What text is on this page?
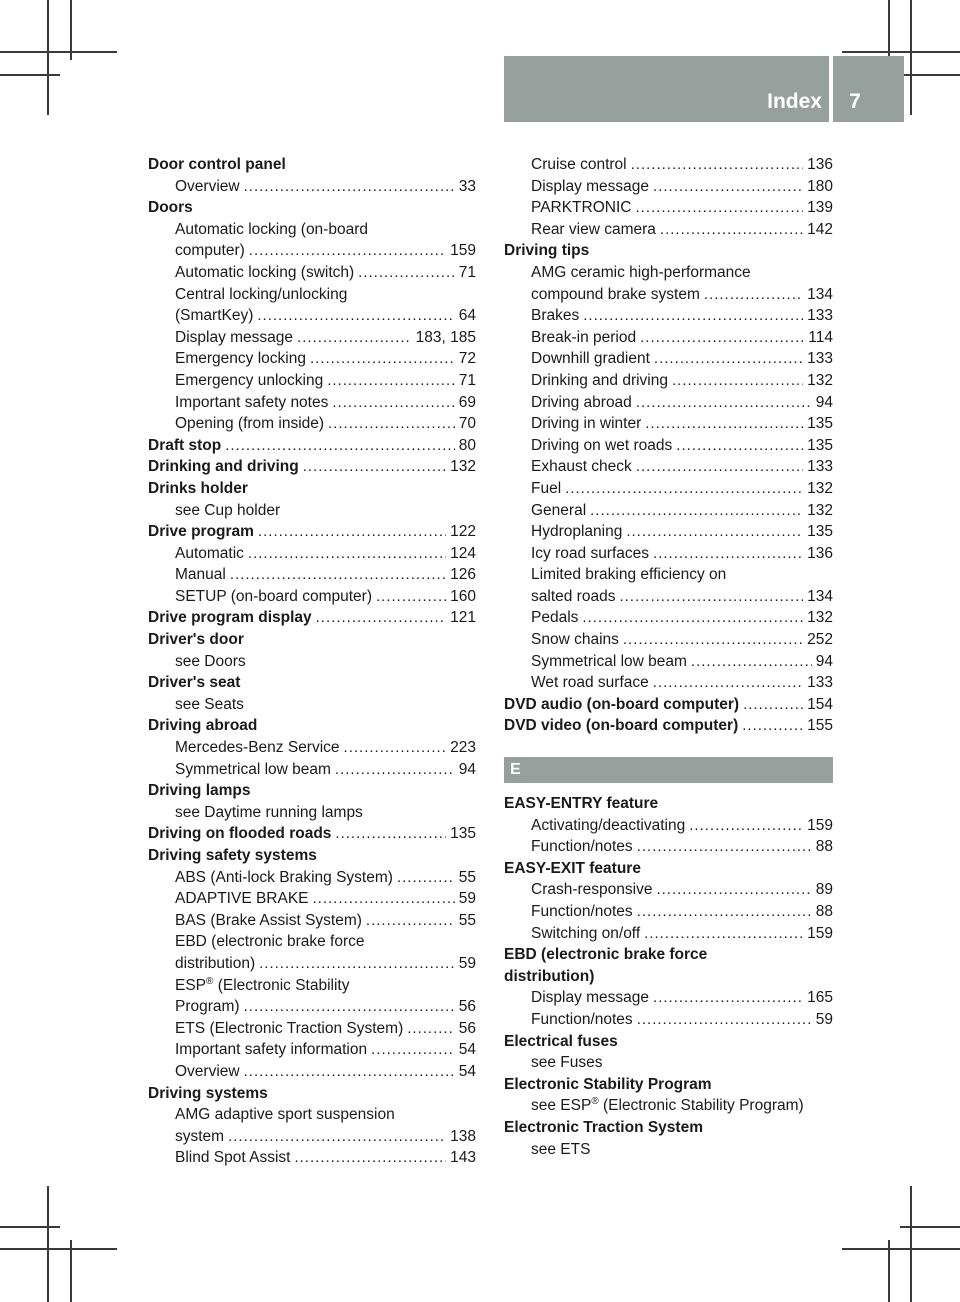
Index	7
Door control panel
Overview .....	33
Doors
Automatic locking (on-board
computer) .....	159
Automatic locking (switch) .....	71
Central locking/unlocking
(SmartKey) .....	64
Display message .....	183, 185
Emergency locking .....	72
Emergency unlocking .....	71
Important safety notes .....	69
Opening (from inside) .....	70
Draft stop .....	80
Drinking and driving .....	132
Drinks holder
see Cup holder
Drive program .....	122
Automatic .....	124
Manual .....	126
SETUP (on-board computer) .....	160
Drive program display .....	121
Driver's door
see Doors
Driver's seat
see Seats
Driving abroad
Mercedes-Benz Service .....	223
Symmetrical low beam .....	94
Driving lamps
see Daytime running lamps
Driving on flooded roads .....	135
Driving safety systems
ABS (Anti-lock Braking System) .....	55
ADAPTIVE BRAKE .....	59
BAS (Brake Assist System) .....	55
EBD (electronic brake force
distribution) .....	59
ESP® (Electronic Stability
Program) .....	56
ETS (Electronic Traction System) .....	56
Important safety information .....	54
Overview .....	54
Driving systems
AMG adaptive sport suspension
system .....	138
Blind Spot Assist .....	143
Cruise control .....	136
Display message .....	180
PARKTRONIC .....	139
Rear view camera .....	142
Driving tips
AMG ceramic high-performance
compound brake system .....	134
Brakes .....	133
Break-in period .....	114
Downhill gradient .....	133
Drinking and driving .....	132
Driving abroad .....	94
Driving in winter .....	135
Driving on wet roads .....	135
Exhaust check .....	133
Fuel .....	132
General .....	132
Hydroplaning .....	135
Icy road surfaces .....	136
Limited braking efficiency on
salted roads .....	134
Pedals .....	132
Snow chains .....	252
Symmetrical low beam .....	94
Wet road surface .....	133
DVD audio (on-board computer) .....	154
DVD video (on-board computer) .....	155
E
EASY-ENTRY feature
Activating/deactivating .....	159
Function/notes .....	88
EASY-EXIT feature
Crash-responsive .....	89
Function/notes .....	88
Switching on/off .....	159
EBD (electronic brake force
distribution)
Display message .....	165
Function/notes .....	59
Electrical fuses
see Fuses
Electronic Stability Program
see ESP® (Electronic Stability Program)
Electronic Traction System
see ETS
